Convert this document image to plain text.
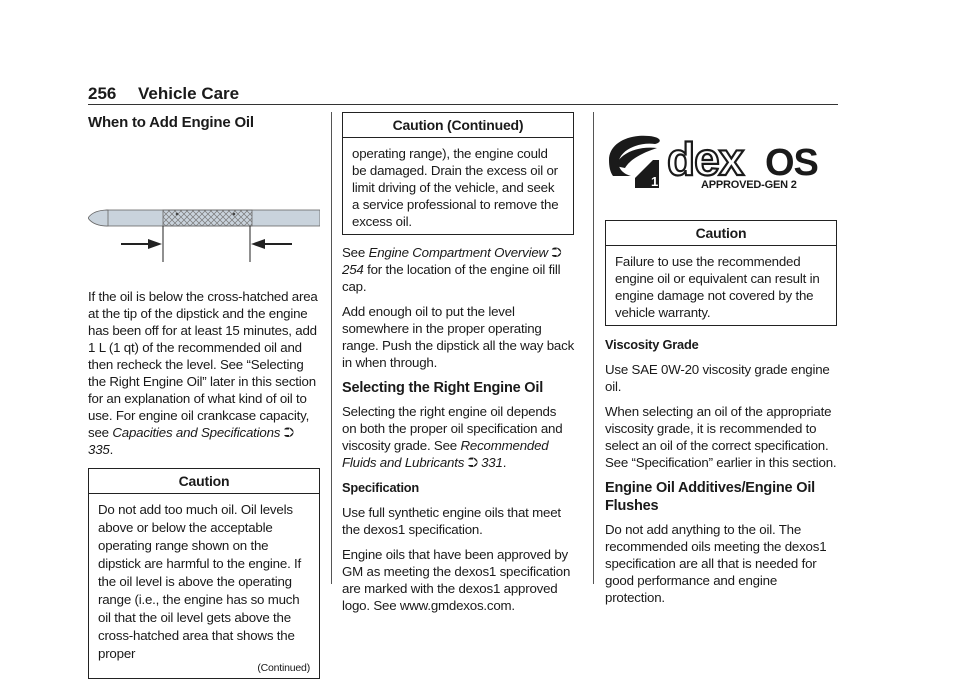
256 Vehicle Care
When to Add Engine Oil

If the oil is below the cross-hatched area at the tip of the dipstick and the engine has been off for at least 15 minutes, add 1 L (1 qt) of the recommended oil and then recheck the level. See “Selecting the Right Engine Oil” later in this section for an explanation of what kind of oil to use. For engine oil crankcase capacity, see Capacities and Specifications ⮊ 335.

Caution
Do not add too much oil. Oil levels above or below the acceptable operating range shown on the dipstick are harmful to the engine. If the oil level is above the operating range (i.e., the engine has so much oil that the oil level gets above the cross-hatched area that shows the proper
(Continued)
Caution (Continued)
operating range), the engine could be damaged. Drain the excess oil or limit driving of the vehicle, and seek a service professional to remove the excess oil.

See Engine Compartment Overview ⮊ 254 for the location of the engine oil fill cap.

Add enough oil to put the level somewhere in the proper operating range. Push the dipstick all the way back in when through.

Selecting the Right Engine Oil

Selecting the right engine oil depends on both the proper oil specification and viscosity grade. See Recommended Fluids and Lubricants ⮊ 331.

Specification

Use full synthetic engine oils that meet the dexos1 specification.

Engine oils that have been approved by GM as meeting the dexos1 specification are marked with the dexos1 approved logo. See www.gmdexos.com.

1 dex OS
APPROVED-GEN 2
Caution
Failure to use the recommended engine oil or equivalent can result in engine damage not covered by the vehicle warranty.
Viscosity Grade

Use SAE 0W-20 viscosity grade engine oil.

When selecting an oil of the appropriate viscosity grade, it is recommended to select an oil of the correct specification. See “Specification” earlier in this section.

Engine Oil Additives/Engine Oil Flushes

Do not add anything to the oil. The recommended oils meeting the dexos1 specification are all that is needed for good performance and engine protection.
